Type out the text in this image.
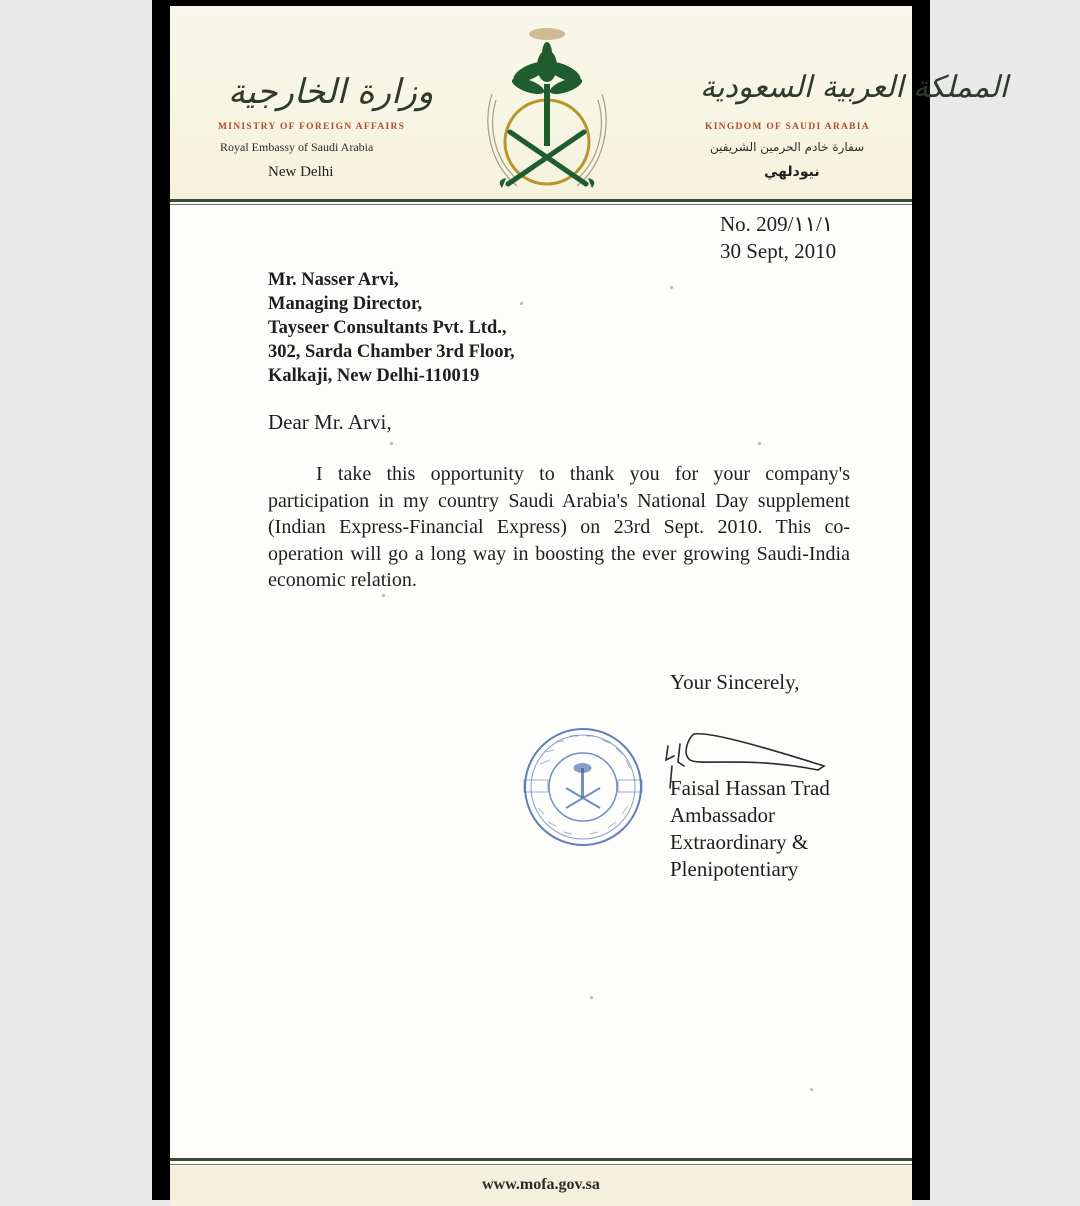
وزارة الخارجية
MINISTRY OF FOREIGN AFFAIRS
Royal Embassy of Saudi Arabia
New Delhi
المملكة العربية السعودية
KINGDOM OF SAUDI ARABIA
سفارة خادم الحرمين الشريفين
نيودلهي
No. 209/١١/١
30 Sept, 2010
Mr. Nasser Arvi,
Managing Director,
Tayseer Consultants Pvt. Ltd.,
302, Sarda Chamber 3rd Floor,
Kalkaji, New Delhi-110019
Dear Mr. Arvi,
I take this opportunity to thank you for your company's participation in my country Saudi Arabia's National Day supplement (Indian Express-Financial Express) on 23rd Sept. 2010. This co-operation will go a long way in boosting the ever growing Saudi-India economic relation.
Your Sincerely,
Faisal Hassan Trad
Ambassador
Extraordinary &
Plenipotentiary
www.mofa.gov.sa
